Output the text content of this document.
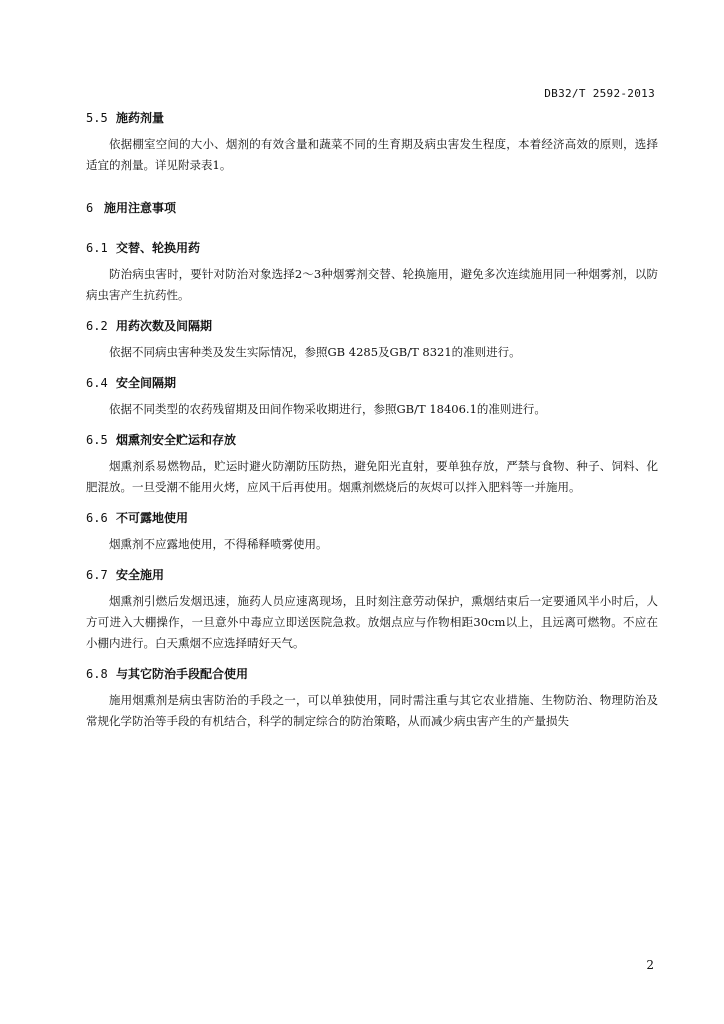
DB32/T 2592-2013
5.5 施药剂量

依据棚室空间的大小、烟剂的有效含量和蔬菜不同的生育期及病虫害发生程度，本着经济高效的原则，选择适宜的剂量。详见附录表1。

6 施用注意事项
6.1 交替、轮换用药

防治病虫害时，要针对防治对象选择2～3种烟雾剂交替、轮换施用，避免多次连续施用同一种烟雾剂，以防病虫害产生抗药性。

6.2 用药次数及间隔期

依据不同病虫害种类及发生实际情况，参照GB 4285及GB/T 8321的准则进行。

6.4 安全间隔期

依据不同类型的农药残留期及田间作物采收期进行，参照GB/T 18406.1的准则进行。

6.5 烟熏剂安全贮运和存放

烟熏剂系易燃物品，贮运时避火防潮防压防热，避免阳光直射，要单独存放，严禁与食物、种子、饲料、化肥混放。一旦受潮不能用火烤，应风干后再使用。烟熏剂燃烧后的灰烬可以拌入肥料等一并施用。

6.6 不可露地使用

烟熏剂不应露地使用，不得稀释喷雾使用。

6.7 安全施用

烟熏剂引燃后发烟迅速，施药人员应速离现场，且时刻注意劳动保护，熏烟结束后一定要通风半小时后，人方可进入大棚操作，一旦意外中毒应立即送医院急救。放烟点应与作物相距30cm以上，且远离可燃物。不应在小棚内进行。白天熏烟不应选择晴好天气。

6.8 与其它防治手段配合使用

施用烟熏剂是病虫害防治的手段之一，可以单独使用，同时需注重与其它农业措施、生物防治、物理防治及常规化学防治等手段的有机结合，科学的制定综合的防治策略，从而减少病虫害产生的产量损失

2
